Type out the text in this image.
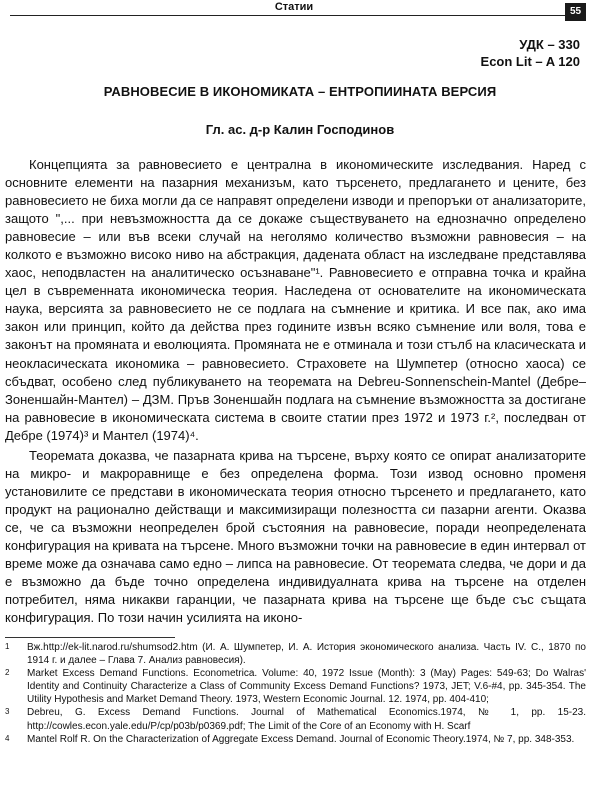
Статии	55
УДК – 330
Econ Lit – A 120
РАВНОВЕСИЕ В ИКОНОМИКАТА – ЕНТРОПИИНАТА ВЕРСИЯ
Гл. ас. д-р Калин Господинов

Концепцията за равновесието е централна в икономическите изследвания. Наред с основните елементи на пазарния механизъм, като търсенето, предлагането и цените, без равновесието не биха могли да се направят определени изводи и препоръки от анализаторите, защото ",... при невъзможността да се докаже съществуването на еднозначно определено равновесие – или във всеки случай на неголямо количество възможни равновесия – на колкото е възможно високо ниво на абстракция, дадената област на изследване представлява хаос, неподвластен на аналитическо осъзнаване"¹. Равновесието е отправна точка и крайна цел в съвременната икономическа теория. Наследена от основателите на икономическата наука, версията за равновесието не се подлага на съмнение и критика. И все пак, ако има закон или принцип, който да действа през годините извън всяко съмнение или воля, това е законът на промяната и еволюцията. Промяната не е отминала и този стълб на класическата и неокласическата икономика – равновесието. Страховете на Шумпетер (относно хаоса) се сбъдват, особено след публикуването на теоремата на Debreu-Sonnenschein-Mantel (Дебре–Зоненшайн-Мантел) – ДЗМ. Пръв Зоненшайн подлага на съмнение възможността за достигане на равновесие в икономическата система в своите статии през 1972 и 1973 г.², последван от Дебре (1974)³ и Мантел (1974)⁴.

Теоремата доказва, че пазарната крива на търсене, върху която се опират анализаторите на микро- и макроравнище е без определена форма. Този извод основно променя установилите се представи в икономическата теория относно търсенето и предлагането, като продукт на рационално действащи и максимизиращи полезността си пазарни агенти. Оказва се, че са възможни неопределен брой състояния на равновесие, поради неопределената конфигурация на кривата на търсене. Много възможни точки на равновесие в един интервал от време може да означава само едно – липса на равновесие. От теоремата следва, че дори и да е възможно да бъде точно определена индивидуалната крива на търсене на отделен потребител, няма никакви гаранции, че пазарната крива на търсене ще бъде със същата конфигурация. По този начин усилията на иконо-

1 Вж.http://ek-lit.narod.ru/shumsod2.htm (И. А. Шумпетер, И. А. История экономического анализа. Часть IV. С., 1870 по 1914 г. и далее – Глава 7. Анализ равновесия).

2 Market Excess Demand Functions. Econometrica. Volume: 40, 1972 Issue (Month): 3 (May) Pages: 549-63; Do Walras' Identity and Continuity Characterize a Class of Community Excess Demand Functions? 1973, JET; V.6-#4, pp. 345-354. The Utility Hypothesis and Market Demand Theory. 1973, Western Economic Journal. 12. 1974, pp. 404-410;

3 Debreu, G. Excess Demand Functions. Journal of Mathematical Economics.1974, № 1, pp. 15-23. http://cowles.econ.yale.edu/P/cp/p03b/p0369.pdf; The Limit of the Core of an Economy with H. Scarf

4 Mantel Rolf R. On the Characterization of Aggregate Excess Demand. Journal of Economic Theory.1974, № 7, pp. 348-353.
